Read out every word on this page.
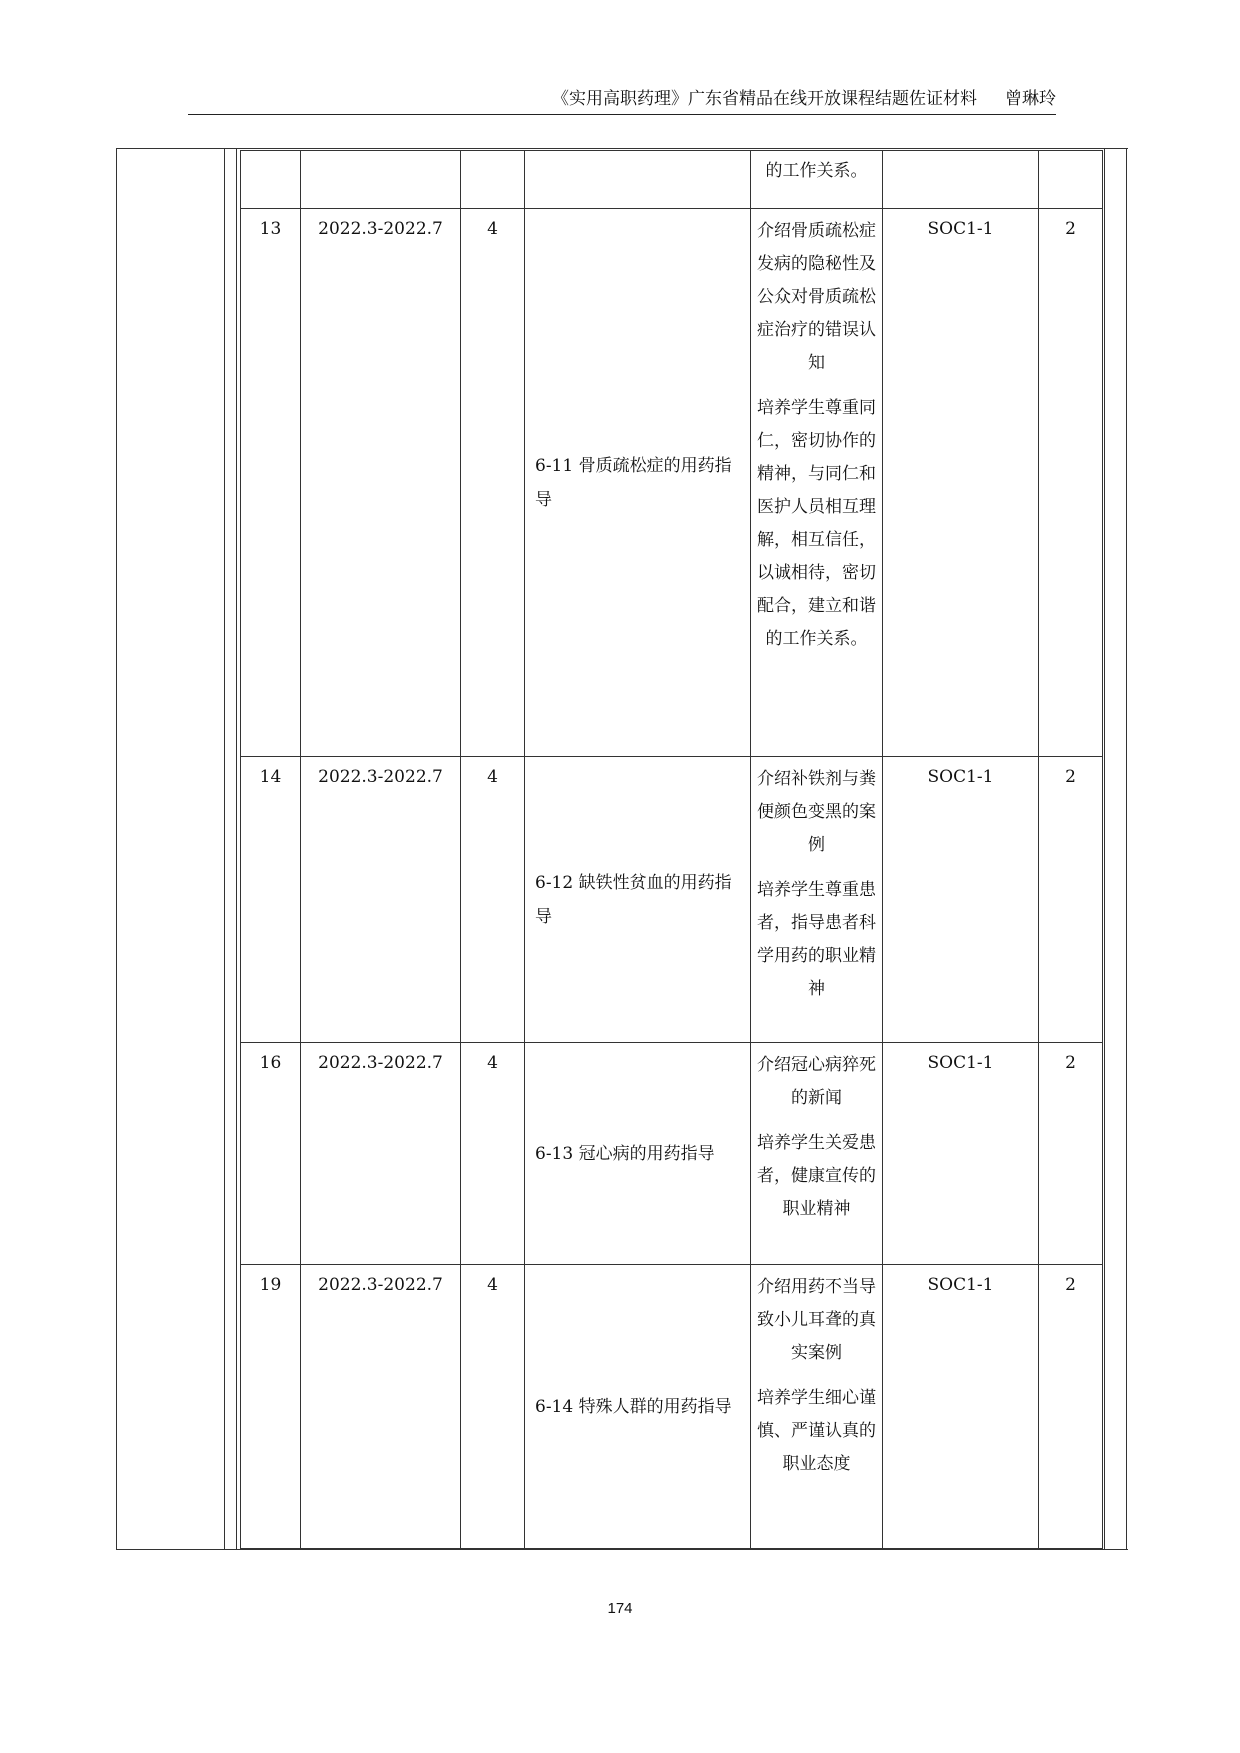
《实用高职药理》广东省精品在线开放课程结题佐证材料 曾琳玲

				的工作关系。		

13	2022.3-2022.7	4	6-11 骨质疏松症的用药指导	介绍骨质疏松症发病的隐秘性及公众对骨质疏松症治疗的错误认知
培养学生尊重同仁，密切协作的精神，与同仁和医护人员相互理解，相互信任，以诚相待，密切配合，建立和谐的工作关系。	SOC1-1	2
14	2022.3-2022.7	4	6-12 缺铁性贫血的用药指导	介绍补铁剂与粪便颜色变黑的案例
培养学生尊重患者，指导患者科学用药的职业精神	SOC1-1	2
16	2022.3-2022.7	4	6-13 冠心病的用药指导	介绍冠心病猝死的新闻
培养学生关爱患者，健康宣传的职业精神	SOC1-1	2
19	2022.3-2022.7	4	6-14 特殊人群的用药指导	介绍用药不当导致小儿耳聋的真实案例
培养学生细心谨慎、严谨认真的职业态度	SOC1-1	2
174
